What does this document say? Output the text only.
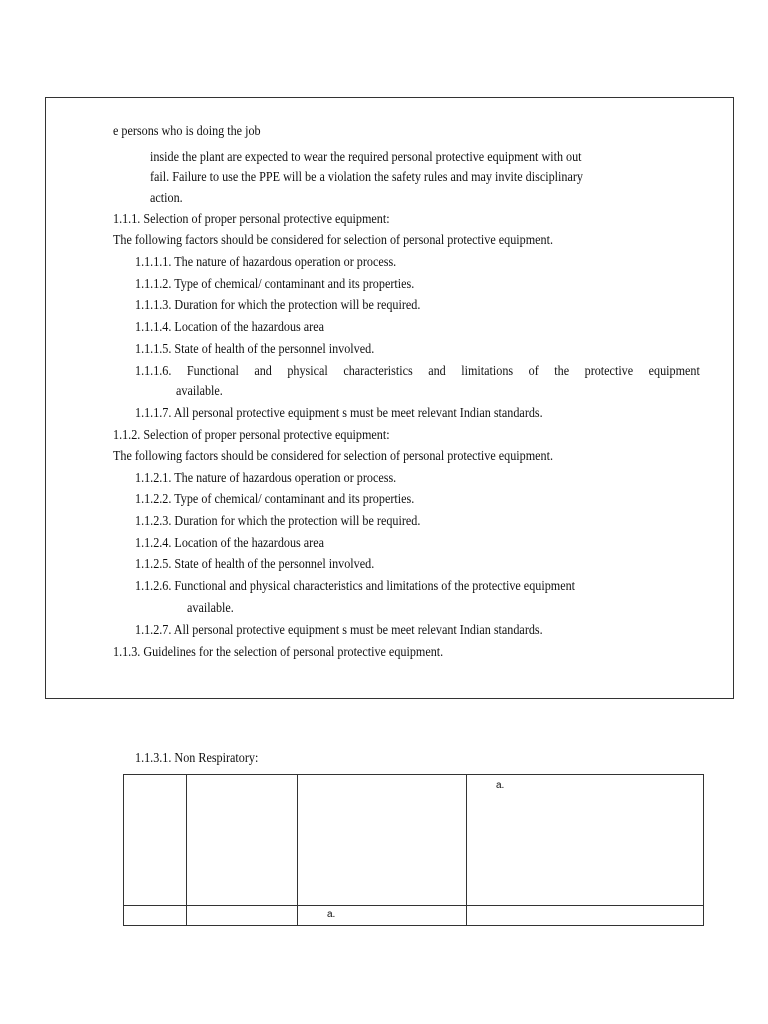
e persons who is doing the job
inside the plant are expected to wear the required personal protective equipment with out
fail. Failure to use the PPE will be a violation the safety rules and may invite disciplinary
action.
1.1.1. Selection of proper personal protective equipment:
The following factors should be considered for selection of personal protective equipment.
1.1.1.1. The nature of hazardous operation or process.
1.1.1.2. Type of chemical/ contaminant and its properties.
1.1.1.3. Duration for which the protection will be required.
1.1.1.4. Location of the hazardous area
1.1.1.5. State of health of the personnel involved.
1.1.1.6. Functional and physical characteristics and limitations of the protective equipment
available.
1.1.1.7. All personal protective equipment s must be meet relevant Indian standards.
1.1.2. Selection of proper personal protective equipment:
The following factors should be considered for selection of personal protective equipment.
1.1.2.1. The nature of hazardous operation or process.
1.1.2.2. Type of chemical/ contaminant and its properties.
1.1.2.3. Duration for which the protection will be required.
1.1.2.4. Location of the hazardous area
1.1.2.5. State of health of the personnel involved.
1.1.2.6. Functional and physical characteristics and limitations of the protective equipment
available.
1.1.2.7. All personal protective equipment s must be meet relevant Indian standards.
1.1.3. Guidelines for the selection of personal protective equipment.
1.1.3.1. Non Respiratory:
			a.
		a.	
